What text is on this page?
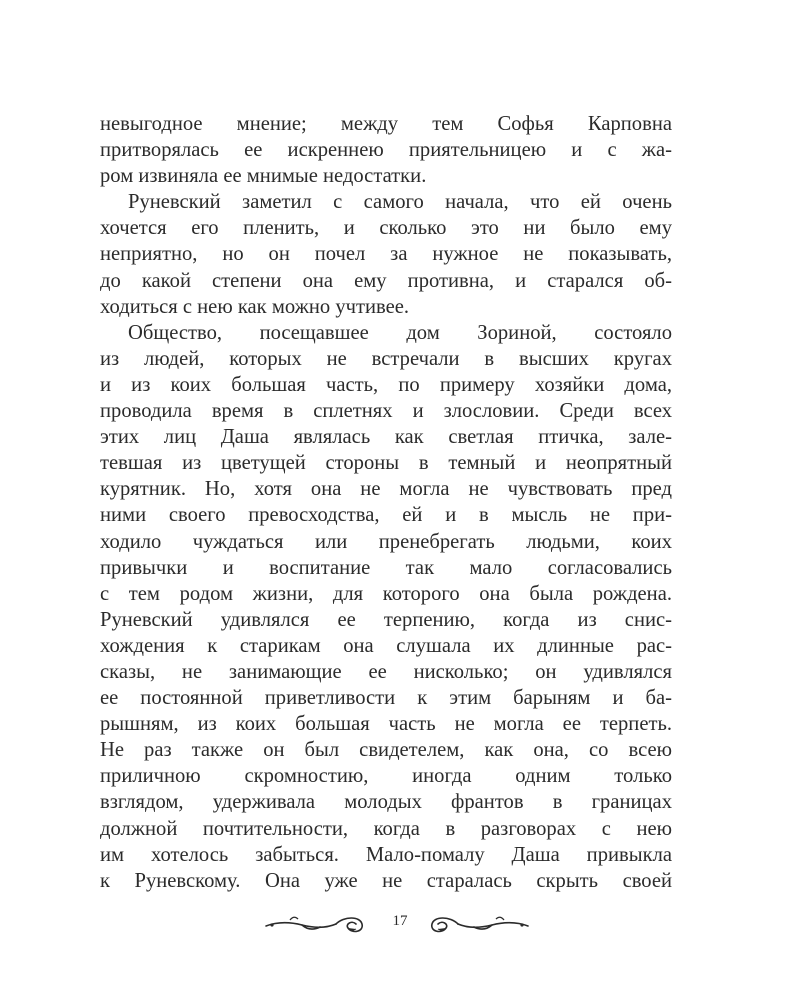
невыгодное мнение; между тем Софья Карповна
притворялась ее искреннею приятельницею и с жа-
ром извиняла ее мнимые недостатки.
Руневский заметил с самого начала, что ей очень
хочется его пленить, и сколько это ни было ему
неприятно, но он почел за нужное не показывать,
до какой степени она ему противна, и старался об-
ходиться с нею как можно учтивее.
Общество, посещавшее дом Зориной, состояло
из людей, которых не встречали в высших кругах
и из коих большая часть, по примеру хозяйки дома,
проводила время в сплетнях и злословии. Среди всех
этих лиц Даша являлась как светлая птичка, зале-
тевшая из цветущей стороны в темный и неопрятный
курятник. Но, хотя она не могла не чувствовать пред
ними своего превосходства, ей и в мысль не при-
ходило чуждаться или пренебрегать людьми, коих
привычки и воспитание так мало согласовались
с тем родом жизни, для которого она была рождена.
Руневский удивлялся ее терпению, когда из снис-
хождения к старикам она слушала их длинные рас-
сказы, не занимающие ее нисколько; он удивлялся
ее постоянной приветливости к этим барыням и ба-
рышням, из коих большая часть не могла ее терпеть.
Не раз также он был свидетелем, как она, со всею
приличною скромностию, иногда одним только
взглядом, удерживала молодых франтов в границах
должной почтительности, когда в разговорах с нею
им хотелось забыться. Мало-помалу Даша привыкла
к Руневскому. Она уже не старалась скрыть своей
17
